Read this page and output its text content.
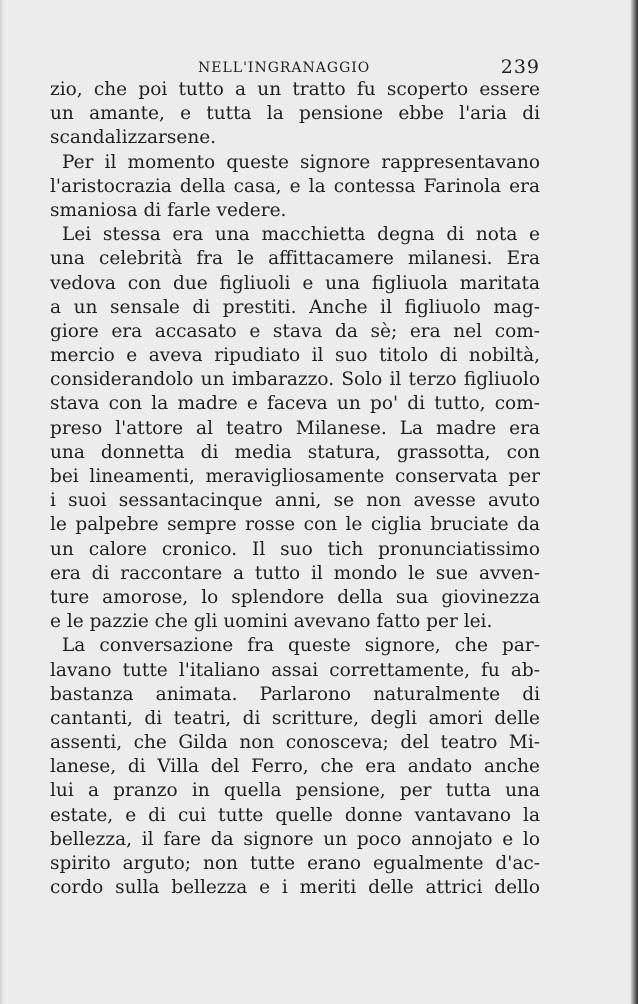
NELL'INGRANAGGIO	239
zio, che poi tutto a un tratto fu scoperto essere
un amante, e tutta la pensione ebbe l'aria di
scandalizzarsene.
Per il momento queste signore rappresentavano
l'aristocrazia della casa, e la contessa Farinola era
smaniosa di farle vedere.
Lei stessa era una macchietta degna di nota e
una celebrità fra le affittacamere milanesi. Era
vedova con due figliuoli e una figliuola maritata
a un sensale di prestiti. Anche il figliuolo mag-
giore era accasato e stava da sè; era nel com-
mercio e aveva ripudiato il suo titolo di nobiltà,
considerandolo un imbarazzo. Solo il terzo figliuolo
stava con la madre e faceva un po' di tutto, com-
preso l'attore al teatro Milanese. La madre era
una donnetta di media statura, grassotta, con
bei lineamenti, meravigliosamente conservata per
i suoi sessantacinque anni, se non avesse avuto
le palpebre sempre rosse con le ciglia bruciate da
un calore cronico. Il suo tich pronunciatissimo
era di raccontare a tutto il mondo le sue avven-
ture amorose, lo splendore della sua giovinezza
e le pazzie che gli uomini avevano fatto per lei.
La conversazione fra queste signore, che par-
lavano tutte l'italiano assai correttamente, fu ab-
bastanza animata. Parlarono naturalmente di
cantanti, di teatri, di scritture, degli amori delle
assenti, che Gilda non conosceva; del teatro Mi-
lanese, di Villa del Ferro, che era andato anche
lui a pranzo in quella pensione, per tutta una
estate, e di cui tutte quelle donne vantavano la
bellezza, il fare da signore un poco annojato e lo
spirito arguto; non tutte erano egualmente d'ac-
cordo sulla bellezza e i meriti delle attrici dello
